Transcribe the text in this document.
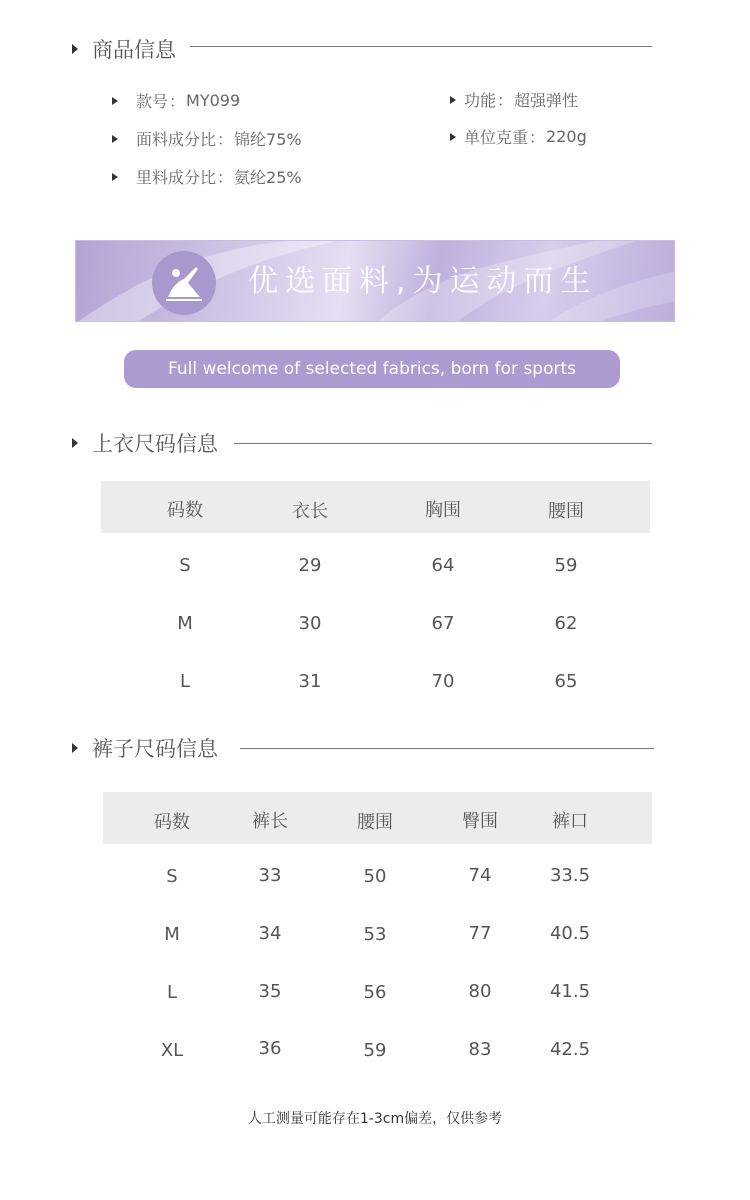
商品信息
款号 ： MY099
面料成分比 ： 锦纶75%
里料成分比 ： 氨纶25%
功能 ： 超强弹性
单位克重 ： 220g
优选面料,为运动而生
Full welcome of selected fabrics, born for sports
上衣尺码信息
码数	衣长	胸围	腰围
S	29	64	59
M	30	67	62
L	31	70	65
裤子尺码信息
码数	裤长	腰围	臀围	裤口
S	33	50	74	33.5
M	34	53	77	40.5
L	35	56	80	41.5
XL	36	59	83	42.5
人工测量可能存在1-3cm偏差，仅供参考
